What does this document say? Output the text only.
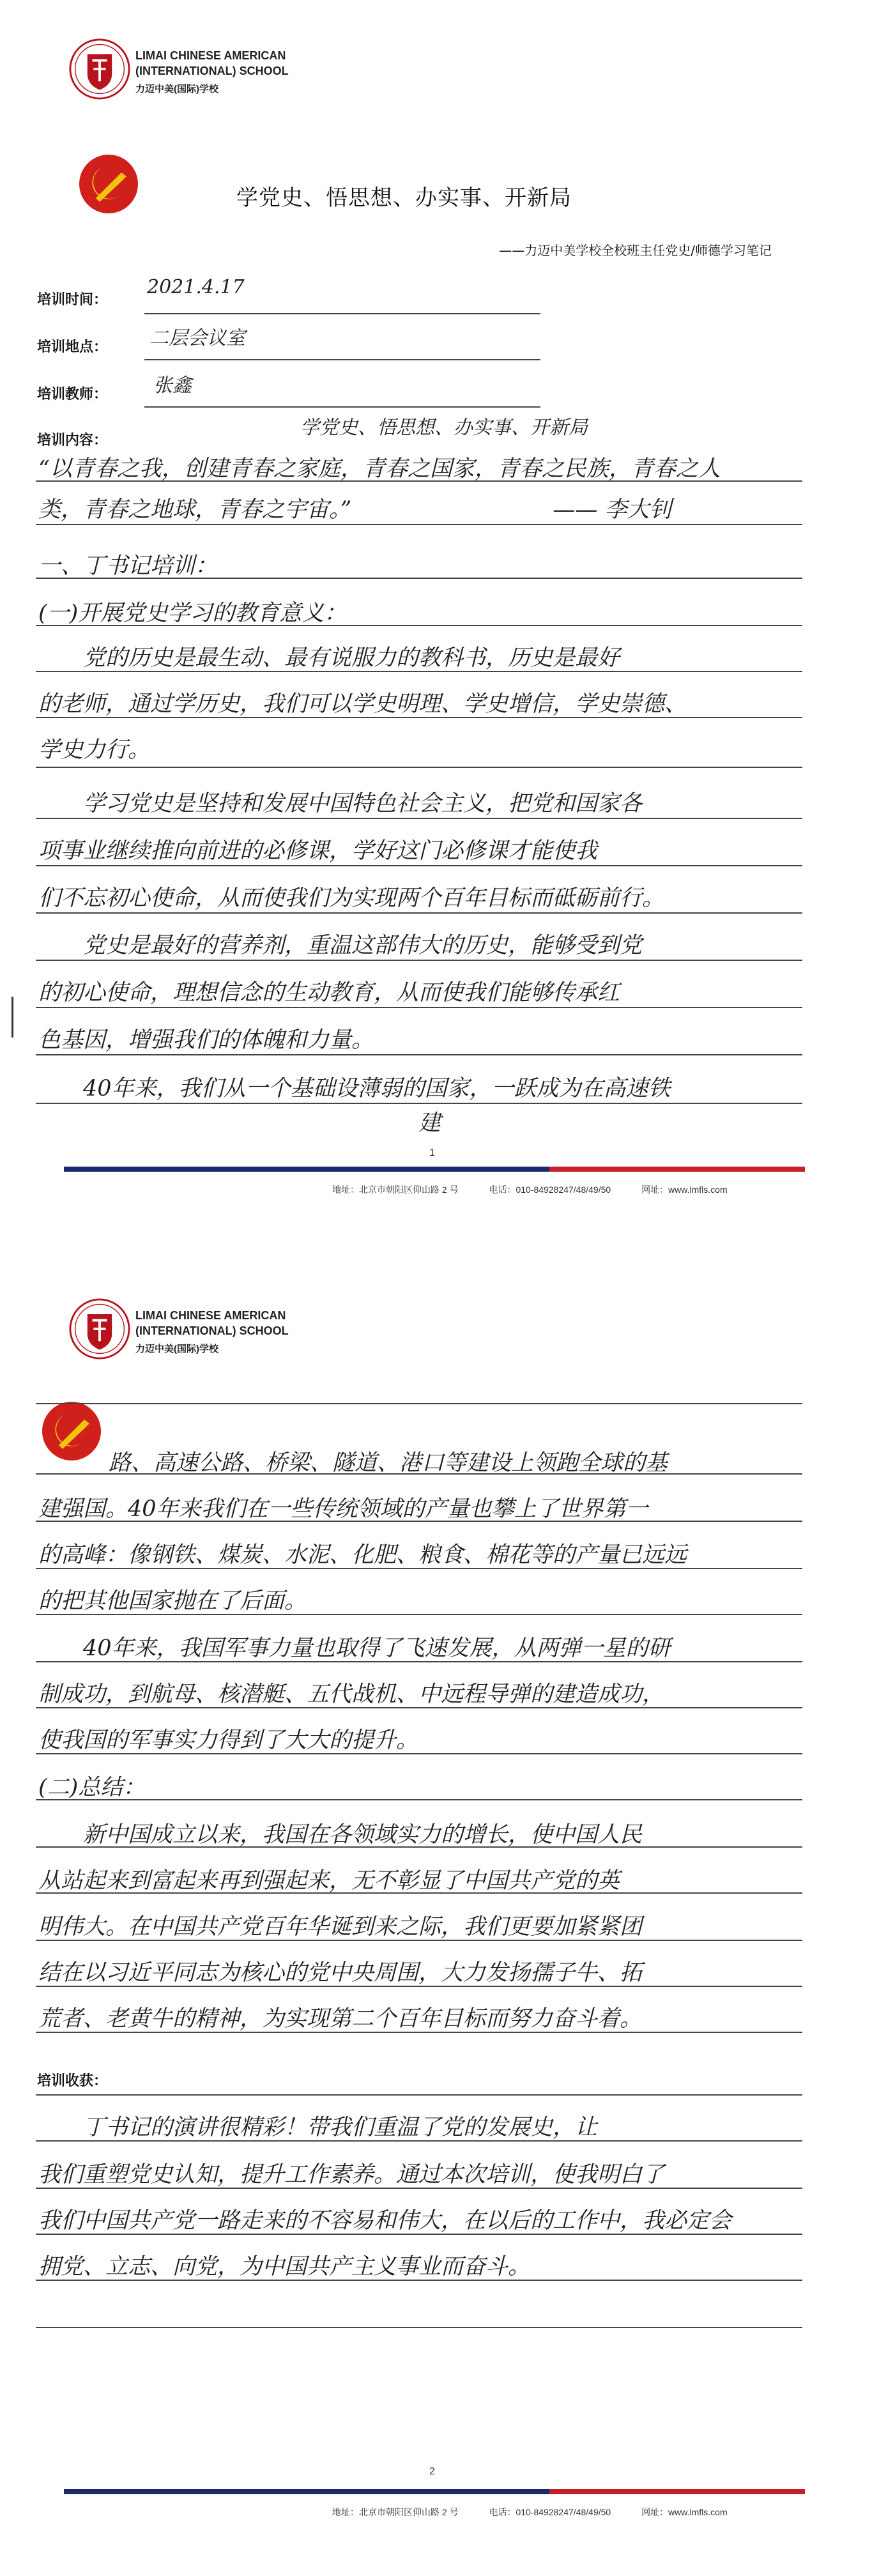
LIMAI CHINESE AMERICAN
(INTERNATIONAL) SCHOOL
力迈中美(国际)学校
学党史、悟思想、办实事、开新局
——力迈中美学校全校班主任党史/师德学习笔记
培训时间：
2021.4.17
培训地点： 二层会议室
培训教师： 张鑫
培训内容：
学党史、悟思想、办实事、开新局
“以青春之我，创建青春之家庭，青春之国家，青春之民族，青春之人
类，青春之地球，青春之宇宙。”　　　　　　　　　—— 李大钊
一、丁书记培训：
(一)开展党史学习的教育意义：
　　党的历史是最生动、最有说服力的教科书，历史是最好
的老师，通过学历史，我们可以学史明理、学史增信，学史崇德、
学史力行。
　　学习党史是坚持和发展中国特色社会主义，把党和国家各
项事业继续推向前进的必修课，学好这门必修课才能使我
们不忘初心使命，从而使我们为实现两个百年目标而砥砺前行。
　　党史是最好的营养剂，重温这部伟大的历史，能够受到党
的初心使命，理想信念的生动教育，从而使我们能够传承红
色基因，增强我们的体魄和力量。
　　40年来，我们从一个基础设薄弱的国家，一跃成为在高速铁
　　　　　　　　　　　　　　　　　建
1
地址：北京市朝阳区仰山路 2 号	电话：010-84928247/48/49/50	网址：www.lmfls.com
LIMAI CHINESE AMERICAN
(INTERNATIONAL) SCHOOL
力迈中美(国际)学校
　　路、高速公路、桥梁、隧道、港口等建设上领跑全球的基
建强国。40年来我们在一些传统领域的产量也攀上了世界第一
的高峰：像钢铁、煤炭、水泥、化肥、粮食、棉花等的产量已远远
的把其他国家抛在了后面。
　　40年来，我国军事力量也取得了飞速发展，从两弹一星的研
制成功，到航母、核潜艇、五代战机、中远程导弹的建造成功，
使我国的军事实力得到了大大的提升。
(二)总结：
　　新中国成立以来，我国在各领域实力的增长，使中国人民
从站起来到富起来再到强起来，无不彰显了中国共产党的英
明伟大。在中国共产党百年华诞到来之际，我们更要加紧紧团
结在以习近平同志为核心的党中央周围，大力发扬孺子牛、拓
荒者、老黄牛的精神，为实现第二个百年目标而努力奋斗着。
培训收获：
　　丁书记的演讲很精彩！带我们重温了党的发展史，让
我们重塑党史认知，提升工作素养。通过本次培训，使我明白了
我们中国共产党一路走来的不容易和伟大，在以后的工作中，我必定会
拥党、立志、向党，为中国共产主义事业而奋斗。
2
地址：北京市朝阳区仰山路 2 号	电话：010-84928247/48/49/50	网址：www.lmfls.com
